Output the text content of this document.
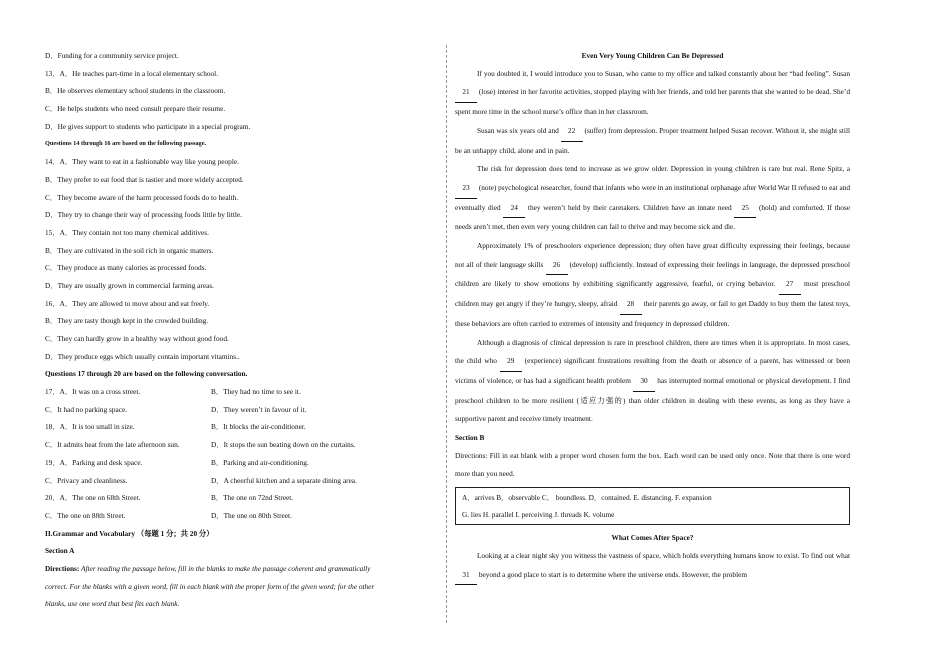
D．Funding for a community service project.
13．A．He teaches part-time in a local elementary school.
B．He observes elementary school students in the classroom.
C．He helps students who need consult prepare their resume.
D．He gives support to students who participate in a special program.
Questions 14 through 16 are based on the following passage.
14．A．They want to eat in a fashionable way like young people.
B．They prefer to eat food that is tastier and more widely accepted.
C．They become aware of the harm processed foods do to health.
D．They try to change their way of processing foods little by little.
15．A．They contain not too many chemical additives.
B．They are cultivated in the soil rich in organic matters.
C．They produce as many calories as processed foods.
D．They are usually grown in commercial farming areas.
16．A．They are allowed to move about and eat freely.
B．They are tasty though kept in the crowded building.
C．They can hardly grow in a healthy way without good food.
D．They produce eggs which usually contain important vitamins..
Questions 17 through 20 are based on the following conversation.
17．A．It was on a cross street.	B．They had no time to see it.
C．It had no parking space.	D．They weren’t in favour of it.
18．A．It is too small in size.	B．It blocks the air-conditioner.
C．It admits heat from the late afternoon sun.	D．It stops the sun beating down on the curtains.
19．A．Parking and desk space.	B．Parking and air-conditioning.
C．Privacy and cleanliness.	D．A cheerful kitchen and a separate dining area.
20．A．The one on 68th Street.	B．The one on 72nd Street.
C．The one on 88th Street.	D．The one on 80th Street.
II.Grammar and Vocabulary （每题 1 分；共 20 分）
Section A
Directions: After reading the passage below, fill in the blanks to make the passage coherent and grammatically
correct. For the blanks with a given word, fill in each blank with the proper form of the given word; for the other
blanks, use one word that best fits each blank.
Even Very Young Children Can Be Depressed

If you doubted it, I would introduce you to Susan, who came to my office and talked constantly about her “bad feeling”. Susan 21 (lose) interest in her favorite activities, stopped playing with her friends, and told her parents that she wanted to be dead. She’d spent more time in the school nurse’s office than in her classroom.

Susan was six years old and 22 (suffer) from depression. Proper treatment helped Susan recover. Without it, she might still be an unhappy child, alone and in pain.

The risk for depression does tend to increase as we grow older. Depression in young children is rare but real. Rene Spitz, a 23 (note) psychological researcher, found that infants who were in an institutional orphanage after World War II refused to eat and eventually died 24 they weren’t held by their caretakers. Children have an innate need 25 (hold) and comforted. If those needs aren’t met, then even very young children can fail to thrive and may become sick and die.

Approximately 1% of preschoolers experience depression; they often have great difficulty expressing their feelings, because not all of their language skills 26 (develop) sufficiently. Instead of expressing their feelings in language, the depressed preschool children are likely to show emotions by exhibiting significantly aggressive, fearful, or crying behavior. 27 most preschool children may get angry if they’re hungry, sleepy, afraid 28 their parents go away, or fail to get Daddy to buy them the latest toys, these behaviors are often carried to extremes of intensity and frequency in depressed children.

Although a diagnosis of clinical depression is rare in preschool children, there are times when it is appropriate. In most cases, the child who 29 (experience) significant frustrations resulting from the death or absence of a parent, has witnessed or been victims of violence, or has had a significant health problem 30 has interrupted normal emotional or physical development. I find preschool children to be more resilient (适应力强的) than older children in dealing with these events, as long as they have a supportive parent and receive timely treatment.

Section B

Directions: Fill in eat blank with a proper word chosen form the box. Each word can be used only once. Note that there is one word more than you need.

A．arrives B．observable C． boundless. D．contained. E. distancing. F. expansion
G. lies H. parallel I. perceiving J. threads K. volume
What Comes After Space?

Looking at a clear night sky you witness the vastness of space, which holds everything humans know to exist. To find out what 31 beyond a good place to start is to determine where the universe ends. However, the problem
